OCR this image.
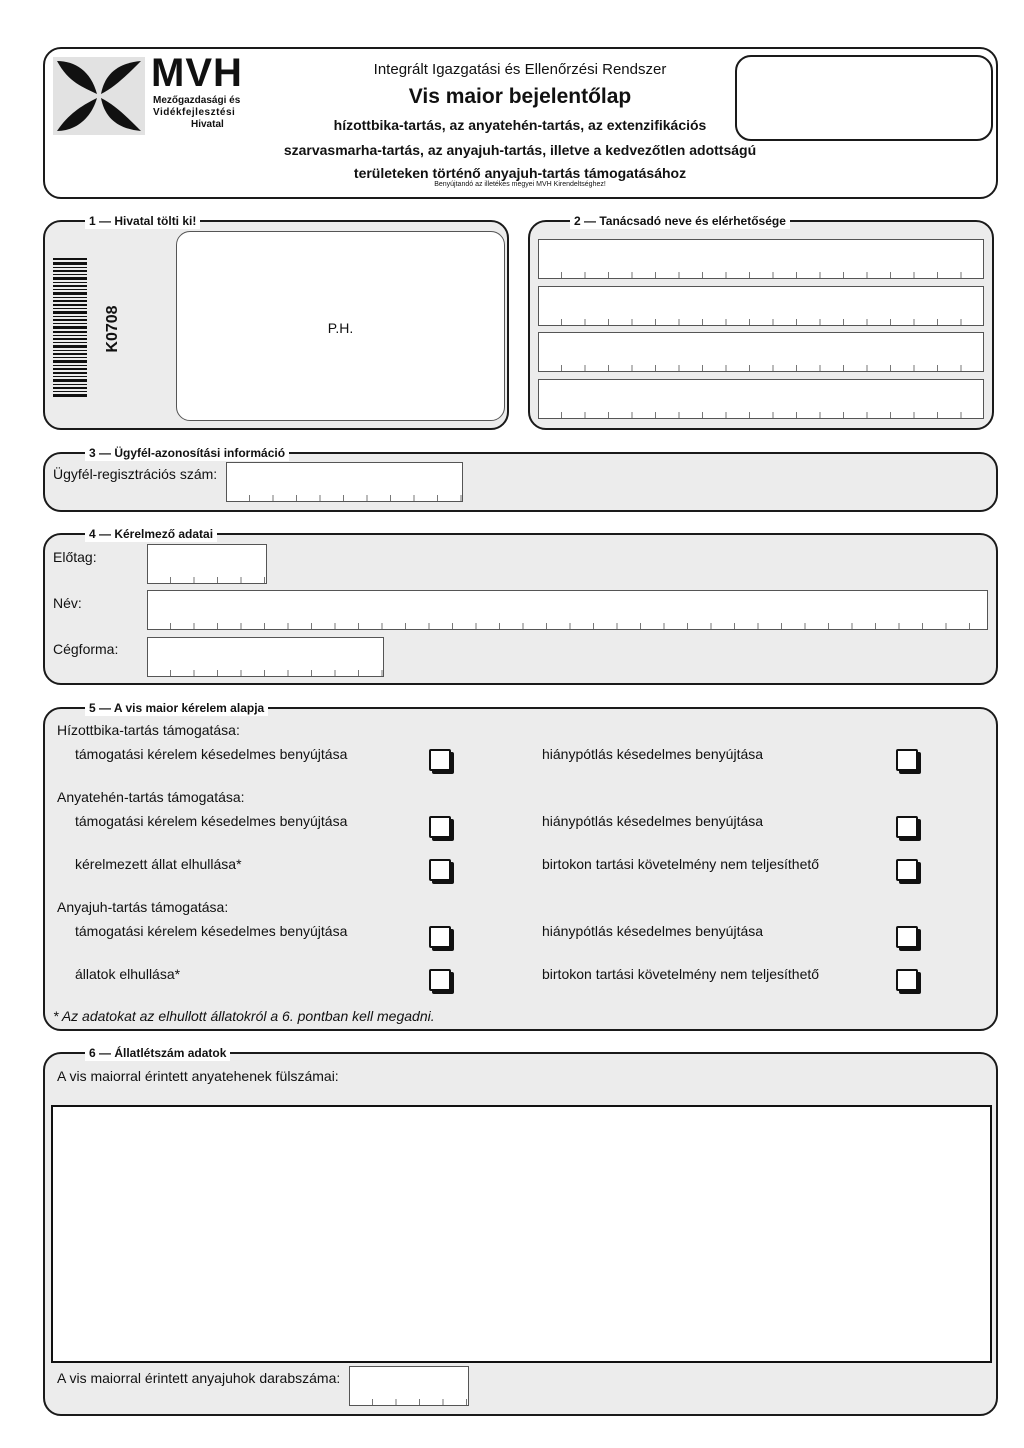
MVH
Mezőgazdasági és
Vidékfejlesztési
Hivatal
Integrált Igazgatási és Ellenőrzési Rendszer
Vis maior bejelentőlap
hízottbika-tartás, az anyatehén-tartás, az extenzifikációs
szarvasmarha-tartás, az anyajuh-tartás, illetve a kedvezőtlen adottságú
területeken történő anyajuh-tartás támogatásához
Benyújtandó az illetékes megyei MVH Kirendeltséghez!
1 — Hivatal tölti ki!
K0708	P.H.
2 — Tanácsadó neve és elérhetősége
3 — Ügyfél-azonosítási információ
Ügyfél-regisztrációs szám:
4 — Kérelmező adatai
Előtag:
Név:
Cégforma:
5 — A vis maior kérelem alapja
Hízottbika-tartás támogatása:
támogatási kérelem késedelmes benyújtása	hiánypótlás késedelmes benyújtása
Anyatehén-tartás támogatása:
támogatási kérelem késedelmes benyújtása	hiánypótlás késedelmes benyújtása
kérelmezett állat elhullása*	birtokon tartási követelmény nem teljesíthető
Anyajuh-tartás támogatása:
támogatási kérelem késedelmes benyújtása	hiánypótlás késedelmes benyújtása
állatok elhullása*	birtokon tartási követelmény nem teljesíthető
* Az adatokat az elhullott állatokról a 6. pontban kell megadni.
6 — Állatlétszám adatok
A vis maiorral érintett anyatehenek fülszámai:
A vis maiorral érintett anyajuhok darabszáma:
